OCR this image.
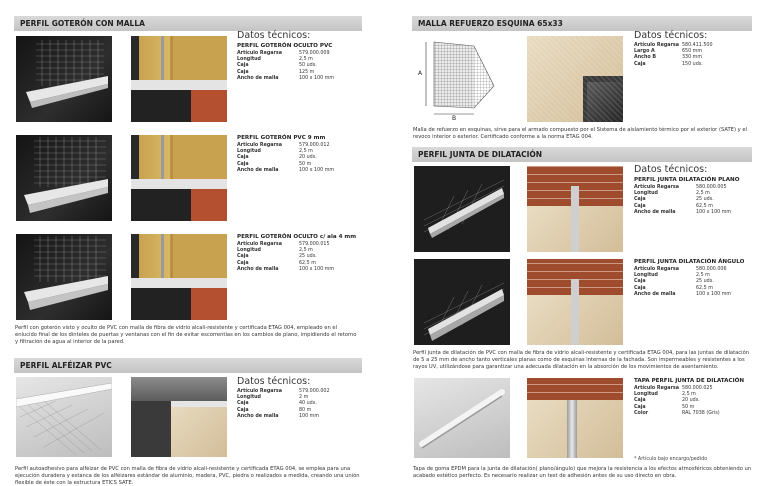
PERFIL GOTERÓN CON MALLA
Datos técnicos:
PERFIL GOTERÓN OCULTO PVC
Artículo Regarsa	579.000.009
Longitud	2,5 m
Caja	50 uds.
Caja	125 m
Ancho de malla	100 x 100 mm
PERFIL GOTERÓN PVC 9 mm
Artículo Regarsa	579.000.012
Longitud	2,5 m
Caja	20 uds.
Caja	50 m
Ancho de malla	100 x 100 mm
PERFIL GOTERÓN OCULTO c/ ala 4 mm
Artículo Regarsa	579.000.015
Longitud	2,5 m
Caja	25 uds.
Caja	62,5 m
Ancho de malla	100 x 100 mm
Perfil con goterón visto y oculto de PVC con malla de fibra de vidrio alcali-resistente y certificada ETAG 004, empleado en el enlucido final de los dinteles de puertas y ventanas con el fin de evitar escorrentías en los cambios de plano, impidiendo el retorno y filtración de agua al interior de la pared.
PERFIL ALFÉIZAR PVC
Datos técnicos:
Artículo Regarsa	579.000.002
Longitud	2 m
Caja	40 uds.
Caja	80 m
Ancho de malla	100 mm
Perfil autoadhesivo para alféizar de PVC con malla de fibra de vidrio alcali-resistente y certificada ETAG 004, se emplea para una ejecución duradera y estanca de los alféizares estándar de aluminio, madera, PVC, piedra o realizados a medida, creando una unión flexible de éste con la estructura ETICS SATE.
MALLA REFUERZO ESQUINA 65x33
A
B
Datos técnicos:
Artículo Regarsa	580.411.500
Largo A	650 mm
Ancho B	330 mm
Caja	150 uds.
Malla de refuerzo en esquinas, sirve para el armado compuesto por el Sistema de aislamiento térmico por el exterior (SATE) y el revoco interior o exterior. Certificado conforme a la norma ETAG 004.
PERFIL JUNTA DE DILATACIÓN
Datos técnicos:
PERFIL JUNTA DILATACIÓN PLANO
Artículo Regarsa	580.000.005
Longitud	2,5 m
Caja	25 uds.
Caja	62,5 m
Ancho de malla	100 x 100 mm
PERFIL JUNTA DILATACIÓN ÁNGULO
Artículo Regarsa	580.000.006
Longitud	2,5 m
Caja	25 uds.
Caja	62,5 m
Ancho de malla	100 x 100 mm
Perfil junta de dilatación de PVC con malla de fibra de vidrio alcali-resistente y certificada ETAG 004, para las juntas de dilatación de 5 a 25 mm de ancho tanto verticales planas como de esquinas internas de la fachada. Son impermeables y resistentes a los rayos UV, utilizándose para garantizar una adecuada dilatación en la absorción de los movimientos de asentamiento.
TAPA PERFIL JUNTA DE DILATACIÓN
Artículo Regarsa	580.000.025
Longitud	2,5 m
Caja	20 uds.
Caja	50 m
Color	RAL 7038 (Gris)
* Artículo bajo encargo/pedido
Tapa de goma EPDM para la junta de dilatación( plano/ángulo) que mejora la resistencia a los efectos atmosféricos obteniendo un acabado estético perfecto. Es necesario realizar un test de adhesión antes de su uso directo en obra.
